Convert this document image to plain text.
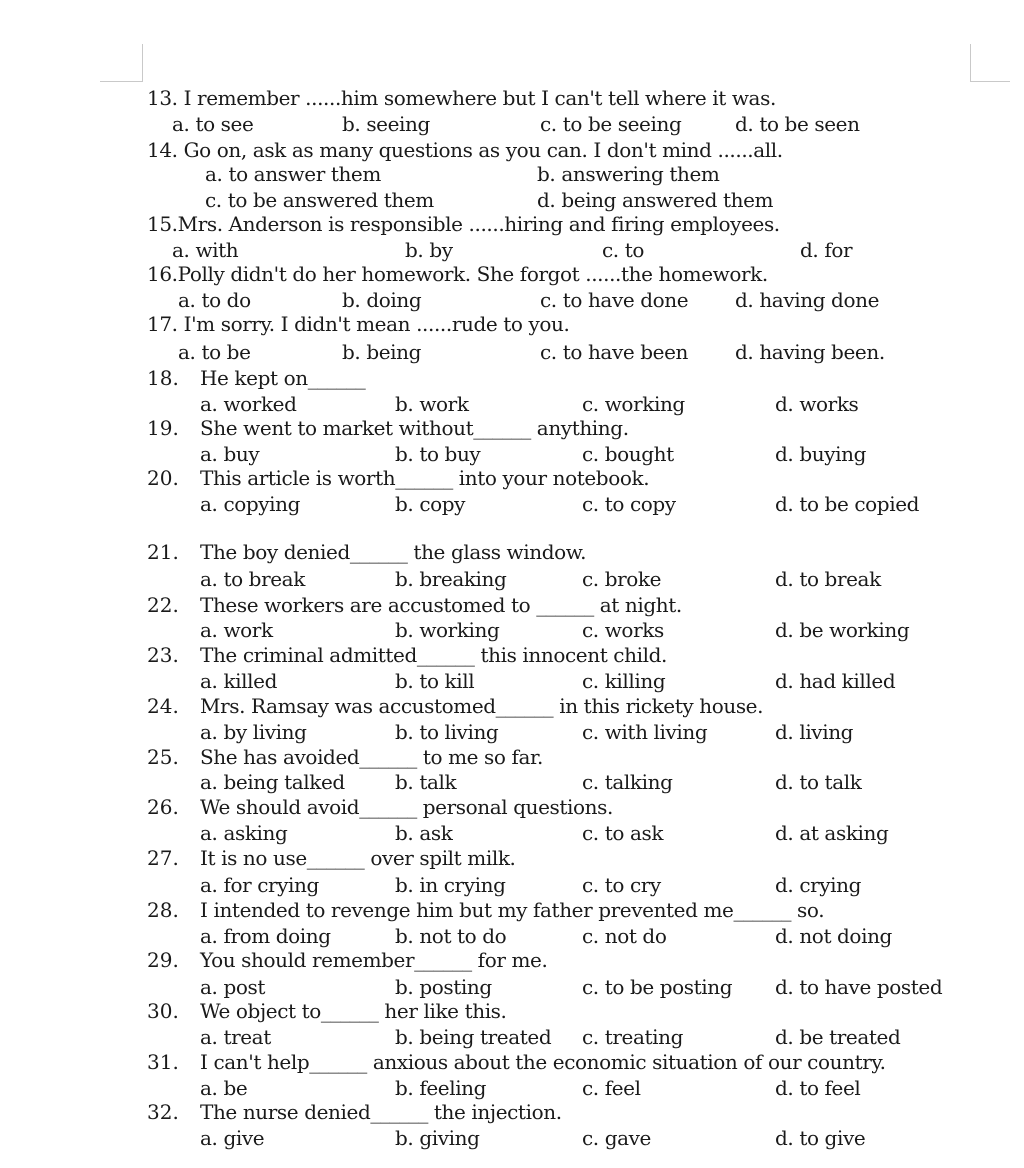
13. I remember ......him somewhere but I can't tell where it was.
a. to see	b. seeing	c. to be seeing	d. to be seen
14. Go on, ask as many questions as you can. I don't mind ......all.
a. to answer them	b. answering them
c. to be answered them	d. being answered them
15.Mrs. Anderson is responsible ......hiring and firing employees.
a. with	b. by	c. to	d. for
16.Polly didn't do her homework. She forgot ......the homework.
a. to do	b. doing	c. to have done d. having done
17. I'm sorry. I didn't mean ......rude to you.
a. to be	b. being	c. to have been d. having been.
18. He kept on______
a. worked	b. work	c. working	d. works
19. She went to market without______ anything.
a. buy	b. to buy	c. bought	d. buying
20. This article is worth______ into your notebook.
a. copying	b. copy	c. to copy	d. to be copied
21. The boy denied______ the glass window.
a. to break	b. breaking	c. broke	d. to break
22. These workers are accustomed to ______ at night.
a. work	b. working	c. works	d. be working
23. The criminal admitted______ this innocent child.
a. killed	b. to kill	c. killing	d. had killed
24. Mrs. Ramsay was accustomed______ in this rickety house.
a. by living	b. to living	c. with living	d. living
25. She has avoided______ to me so far.
a. being talked	b. talk	c. talking	d. to talk
26. We should avoid______ personal questions.
a. asking	b. ask	c. to ask	d. at asking
27. It is no use______ over spilt milk.
a. for crying	b. in crying	c. to cry	d. crying
28. I intended to revenge him but my father prevented me______ so.
a. from doing	b. not to do	c. not do	d. not doing
29. You should remember______ for me.
a. post	b. posting	c. to be posting d. to have posted
30. We object to______ her like this.
a. treat	b. being treated c. treating	d. be treated
31. I can't help______ anxious about the economic situation of our country.
a. be	b. feeling	c. feel	d. to feel
32. The nurse denied______ the injection.
a. give	b. giving	c. gave	d. to give
